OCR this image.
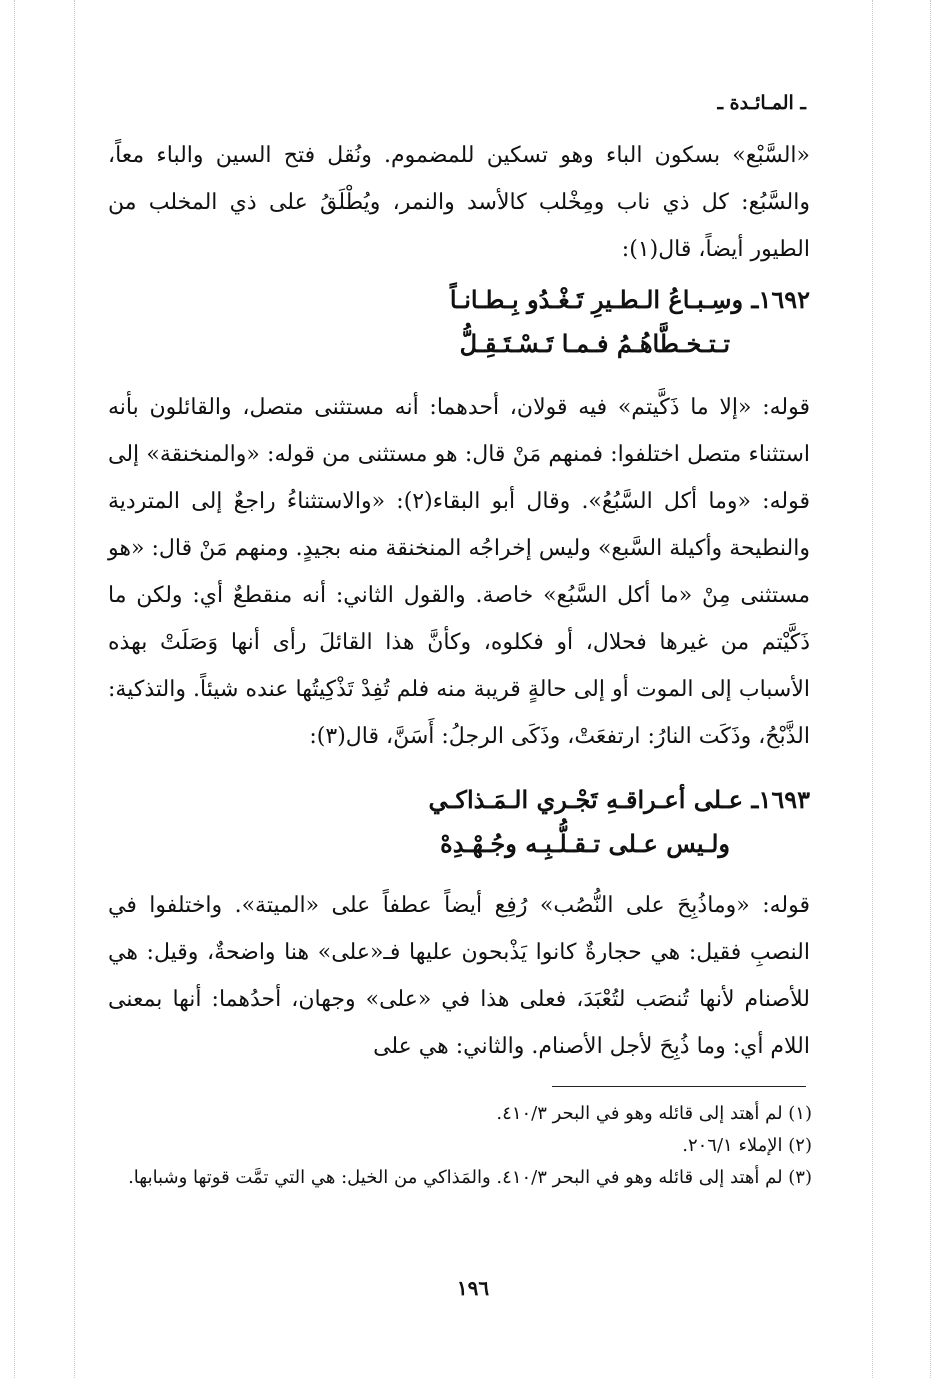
ـ المـائـدة ـ

«السَّبْع» بسكون الباء وهو تسكين للمضموم. ونُقل فتح السين والباء معاً، والسَّبُع: كل ذي ناب ومِخْلب كالأسد والنمر، ويُطْلَقُ على ذي المخلب من الطيور أيضاً، قال(١):

١٦٩٢ـ وسِـبـاعُ الـطـيرِ تَـغْـدُو بِـطـانـاً
تـتـخـطَّاهُـمُ فـمـا تَـسْـتَـقِـلُّ

قوله: «إلا ما ذَكَّيتم» فيه قولان، أحدهما: أنه مستثنى متصل، والقائلون بأنه استثناء متصل اختلفوا: فمنهم مَنْ قال: هو مستثنى من قوله: «والمنخنقة» إلى قوله: «وما أكل السَّبُعُ». وقال أبو البقاء(٢): «والاستثناءُ راجعٌ إلى المتردية والنطيحة وأكيلة السَّبع» وليس إخراجُه المنخنقة منه بجيدٍ. ومنهم مَنْ قال: «هو مستثنى مِنْ «ما أكل السَّبُع» خاصة. والقول الثاني: أنه منقطعٌ أي: ولكن ما ذَكَّيْتم من غيرها فحلال، أو فكلوه، وكأنَّ هذا القائلَ رأى أنها وَصَلَتْ بهذه الأسباب إلى الموت أو إلى حالةٍ قريبة منه فلم تُفِدْ تَذْكِيتُها عنده شيئاً. والتذكية: الذَّبْحُ، وذَكَت النارُ: ارتفعَتْ، وذَكَى الرجلُ: أَسَنَّ، قال(٣):

١٦٩٣ـ عـلى أعـراقـهِ تَجْـري الـمَـذاكـي
ولـيس عـلى تـقـلُّـبِـه وجُـهْـدِهْ

قوله: «وماذُبِحَ على النُّصُب» رُفِع أيضاً عطفاً على «الميتة». واختلفوا في النصبِ فقيل: هي حجارةٌ كانوا يَذْبحون عليها فـ«على» هنا واضحةٌ، وقيل: هي للأصنام لأنها تُنصَب لتُعْبَدَ، فعلى هذا في «على» وجهان، أحدُهما: أنها بمعنى اللام أي: وما ذُبِحَ لأجل الأصنام. والثاني: هي على

(١) لم أهتد إلى قائله وهو في البحر ٤١٠/٣.

(٢) الإملاء ٢٠٦/١.

(٣) لم أهتد إلى قائله وهو في البحر ٤١٠/٣. والمَذاكي من الخيل: هي التي تمَّت قوتها وشبابها.

١٩٦
